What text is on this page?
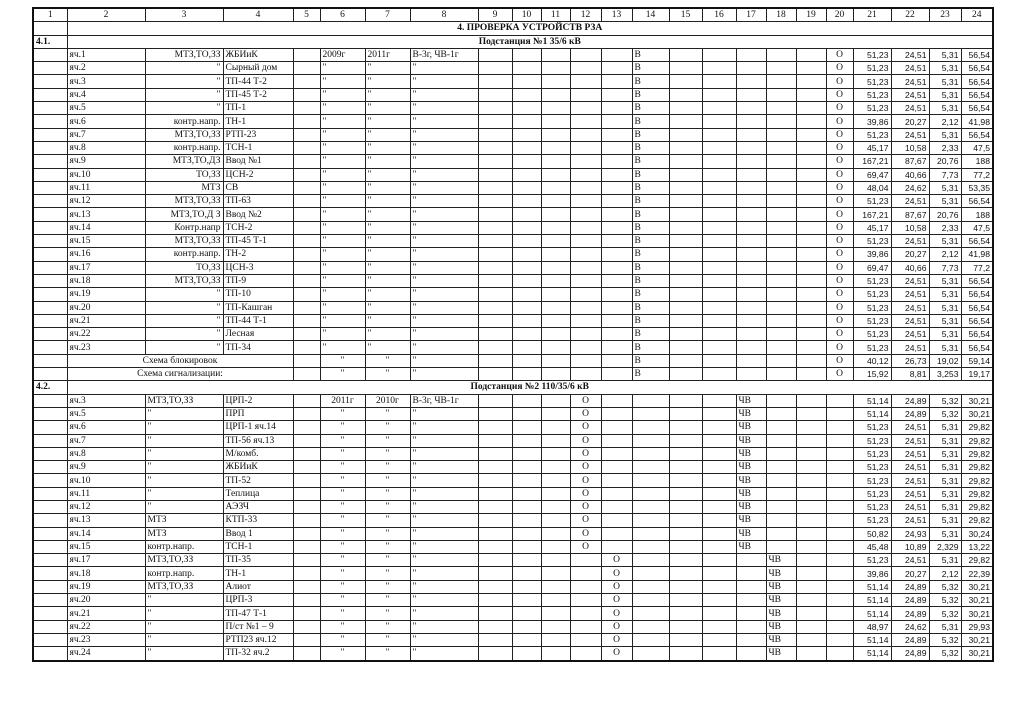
1	2	3	4	5	6	7	8	9	10	11	12	13	14	15	16	17	18	19	20	21	22	23	24
	4. ПРОВЕРКА УСТРОЙСТВ РЗА																						
4.1.	Подстанция №1 35/6 кВ																						
	яч.1	МТЗ,ТО,ЗЗ	ЖБИиК		2009г	2011г	В-3г, ЧВ-1г						В						О	51,23	24,51	5,31	56,54
	яч.2	"	Сырный дом		"	"	"						В						О	51,23	24,51	5,31	56,54
	яч.3	"	ТП-44 Т-2		"	"	"						В						О	51,23	24,51	5,31	56,54
	яч.4	"	ТП-45 Т-2		"	"	"						В						О	51,23	24,51	5,31	56,54
	яч.5	"	ТП-1		"	"	"						В						О	51,23	24,51	5,31	56,54
	яч.6	контр.напр.	ТН-1		"	"	"						В						О	39,86	20,27	2,12	41,98
	яч.7	МТЗ,ТО,ЗЗ	РТП-23		"	"	"						В						О	51,23	24,51	5,31	56,54
	яч.8	контр.напр.	ТСН-1		"	"	"						В						О	45,17	10,58	2,33	47,5
	яч.9	МТЗ,ТО,ДЗ	Ввод №1		"	"	"						В						О	167,21	87,67	20,76	188
	яч.10	ТО,ЗЗ	ЦСН-2		"	"	"						В						О	69,47	40,66	7,73	77,2
	яч.11	МТЗ	СВ		"	"	"						В						О	48,04	24,62	5,31	53,35
	яч.12	МТЗ,ТО,ЗЗ	ТП-63		"	"	"						В						О	51,23	24,51	5,31	56,54
	яч.13	МТЗ,ТО,Д З	Ввод №2		"	"	"						В						О	167,21	87,67	20,76	188
	яч.14	Контр.напр	ТСН-2		"	"	"						В						О	45,17	10,58	2,33	47,5
	яч.15	МТЗ,ТО,ЗЗ	ТП-45 Т-1		"	"	"						В						О	51,23	24,51	5,31	56,54
	яч.16	контр.напр.	ТН-2		"	"	"						В						О	39,86	20,27	2,12	41,98
	яч.17	ТО,ЗЗ	ЦСН-3		"	"	"						В						О	69,47	40,66	7,73	77,2
	яч.18	МТЗ,ТО,ЗЗ	ТП-9		"	"	"						В						О	51,23	24,51	5,31	56,54
	яч.19	"	ТП-10		"	"	"						В						О	51,23	24,51	5,31	56,54
	яч.20	"	ТП-Кашган		"	"	"						В						О	51,23	24,51	5,31	56,54
	яч.21	"	ТП-44 Т-1		"	"	"						В						О	51,23	24,51	5,31	56,54
	яч.22	"	Лесная		"	"	"						В						О	51,23	24,51	5,31	56,54
	яч.23	"	ТП-34		"	"	"						В						О	51,23	24,51	5,31	56,54
	Схема блокировок				"	"	"						В						О	40,12	26,73	19,02	59,14
	Схема сигнализации:				"	"	"						В						О	15,92	8,81	3,253	19,17
4.2.	Подстанция №2 110/35/6 кВ																						
	яч.3	МТЗ,ТО,ЗЗ	ЦРП-2		2011г	2010г	В-3г, ЧВ-1г				О					ЧВ				51,14	24,89	5,32	30,21
	яч.5	"	ПРП		"	"	"				О					ЧВ				51,14	24,89	5,32	30,21
	яч.6	"	ЦРП-1 яч.14		"	"	"				О					ЧВ				51,23	24,51	5,31	29,82
	яч.7	"	ТП-56 яч.13		"	"	"				О					ЧВ				51,23	24,51	5,31	29,82
	яч.8	"	М/комб.		"	"	"				О					ЧВ				51,23	24,51	5,31	29,82
	яч.9	"	ЖБИиК		"	"	"				О					ЧВ				51,23	24,51	5,31	29,82
	яч.10	"	ТП-52		"	"	"				О					ЧВ				51,23	24,51	5,31	29,82
	яч.11	"	Теплица		"	"	"				О					ЧВ				51,23	24,51	5,31	29,82
	яч.12	"	АЭЗЧ		"	"	"				О					ЧВ				51,23	24,51	5,31	29,82
	яч.13	МТЗ	КТП-33		"	"	"				О					ЧВ				51,23	24,51	5,31	29,82
	яч.14	МТЗ	Ввод 1		"	"	"				О					ЧВ				50,82	24,93	5,31	30,24
	яч.15	контр.напр.	ТСН-1		"	"	"				О					ЧВ				45,48	10,89	2,329	13,22
	яч.17	МТЗ,ТО,ЗЗ	ТП-35		"	"	"					О					ЧВ			51,23	24,51	5,31	29,82
	яч.18	контр.напр.	ТН-1		"	"	"					О					ЧВ			39,86	20,27	2,12	22,39
	яч.19	МТЗ,ТО,ЗЗ	Алиот		"	"	"					О					ЧВ			51,14	24,89	5,32	30,21
	яч.20	"	ЦРП-3		"	"	"					О					ЧВ			51,14	24,89	5,32	30,21
	яч.21	"	ТП-47 Т-1		"	"	"					О					ЧВ			51,14	24,89	5,32	30,21
	яч.22	"	П/ст №1 – 9		"	"	"					О					ЧВ			48,97	24,62	5,31	29,93
	яч.23	"	РТП23 яч.12		"	"	"					О					ЧВ			51,14	24,89	5,32	30,21
	яч.24	"	ТП-32 яч.2		"	"	"					О					ЧВ			51,14	24,89	5,32	30,21
